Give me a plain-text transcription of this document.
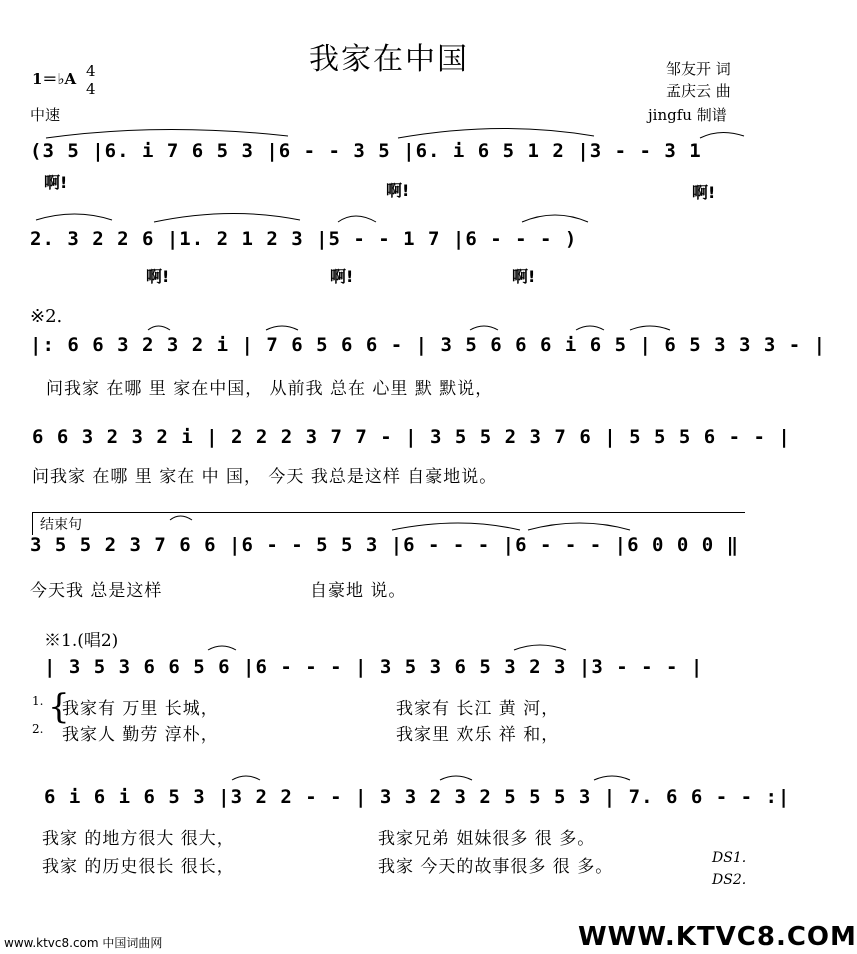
我家在中国
1＝♭A 4
4
中速
邹友开 词
孟庆云 曲
jingfu 制谱
(3 5 |6. i 7 6 5 3 |6 - - 3 5 |6. i 6 5 1 2 |3 - - 3 1
啊!	啊!	啊!
2. 3 2 2 6 |1. 2 1 2 3 |5 - - 1 7 |6 - - - )
啊!	啊!	啊!
※2.
|: 6 6 3 2 3 2 i | 7 6 5 6 6 - | 3 5 6 6 6 i 6 5 | 6 5 3 3 3 - |
问我家 在哪 里 家在中国， 从前我 总在 心里 默 默说，
6 6 3 2 3 2 i | 2 2 2 3 7 7 - | 3 5 5 2 3 7 6 | 5 5 5 6 - - |
问我家 在哪 里 家在 中 国， 今天 我总是这样 自豪地说。
结束句
3 5 5 2 3 7 6 6 |6 - - 5 5 3 |6 - - - |6 - - - |6 0 0 0 ‖
今天我 总是这样	自豪地 说。
※1.(唱2)
| 3 5 3 6 6 5 6 |6 - - - | 3 5 3 6 5 3 2 3 |3 - - - |
1.
2.
{
我家有 万里 长城，	我家有 长江 黄 河，
我家人 勤劳 淳朴，	我家里 欢乐 祥 和，
6 i 6 i 6 5 3 |3 2 2 - - | 3 3 2 3 2 5 5 5 3 | 7. 6 6 - - :|
我家 的地方很大 很大，	我家兄弟 姐妹很多 很 多。
我家 的历史很长 很长，	我家 今天的故事很多 很 多。	DS1.
DS2.
www.ktvc8.com 中国词曲网	WWW.KTVC8.COM
